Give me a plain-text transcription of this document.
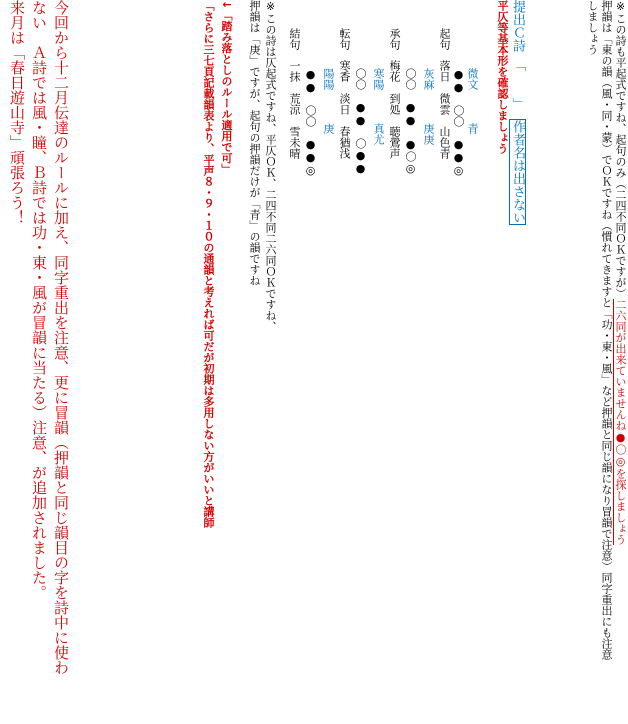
※この詩も平起式ですね、起句のみ（二四不同ＯＫですが）二六同が出来ていませんね●〇◎を探しましょう

押韻は「東の韻（風・同・蒙）でＯＫですね（慣れてきますと「功・東・風」など押韻と同じ韻になり冒韻で注意）同字重出にも注意

しましょう

提出Ｃ詩　「　　」作者名は出さない

平仄等基本形を確認しましょう

微文　　　青

●●　〇〇　●●◎

起句落日　微雲　山色青

灰麻　　　庚庚

〇〇　●●　●〇◎

承句梅花　到処　聴鶯声

寒陽　　　真尤

〇〇　●●　〇●●

転句寒香　淡日　春猶浅

陽陽　　　庚

●●　〇〇　●●◎

結句一抹　荒涼　雪未晴

※この詩は仄起式ですね、平仄ＯＫ、二四不同二六同ＯＫですね、

押韻は「庚」ですが、起句の押韻だけが「青」の韻ですね

↓「踏み落としのルール適用で可」

「さらに三七頁記載韻表より、平声８・９・１０の通韻と考えれば可だが初期は多用しない方がいいと講師

今回から十二月伝達のルールに加え、同字重出を注意、更に冒韻（押韻と同じ韻目の字を詩中に使わ

ない　Ａ詩では風・瞳、Ｂ詩では功・東・風が冒韻に当たる）注意、が追加されました。

来月は「春日遊山寺」頑張ろう！
